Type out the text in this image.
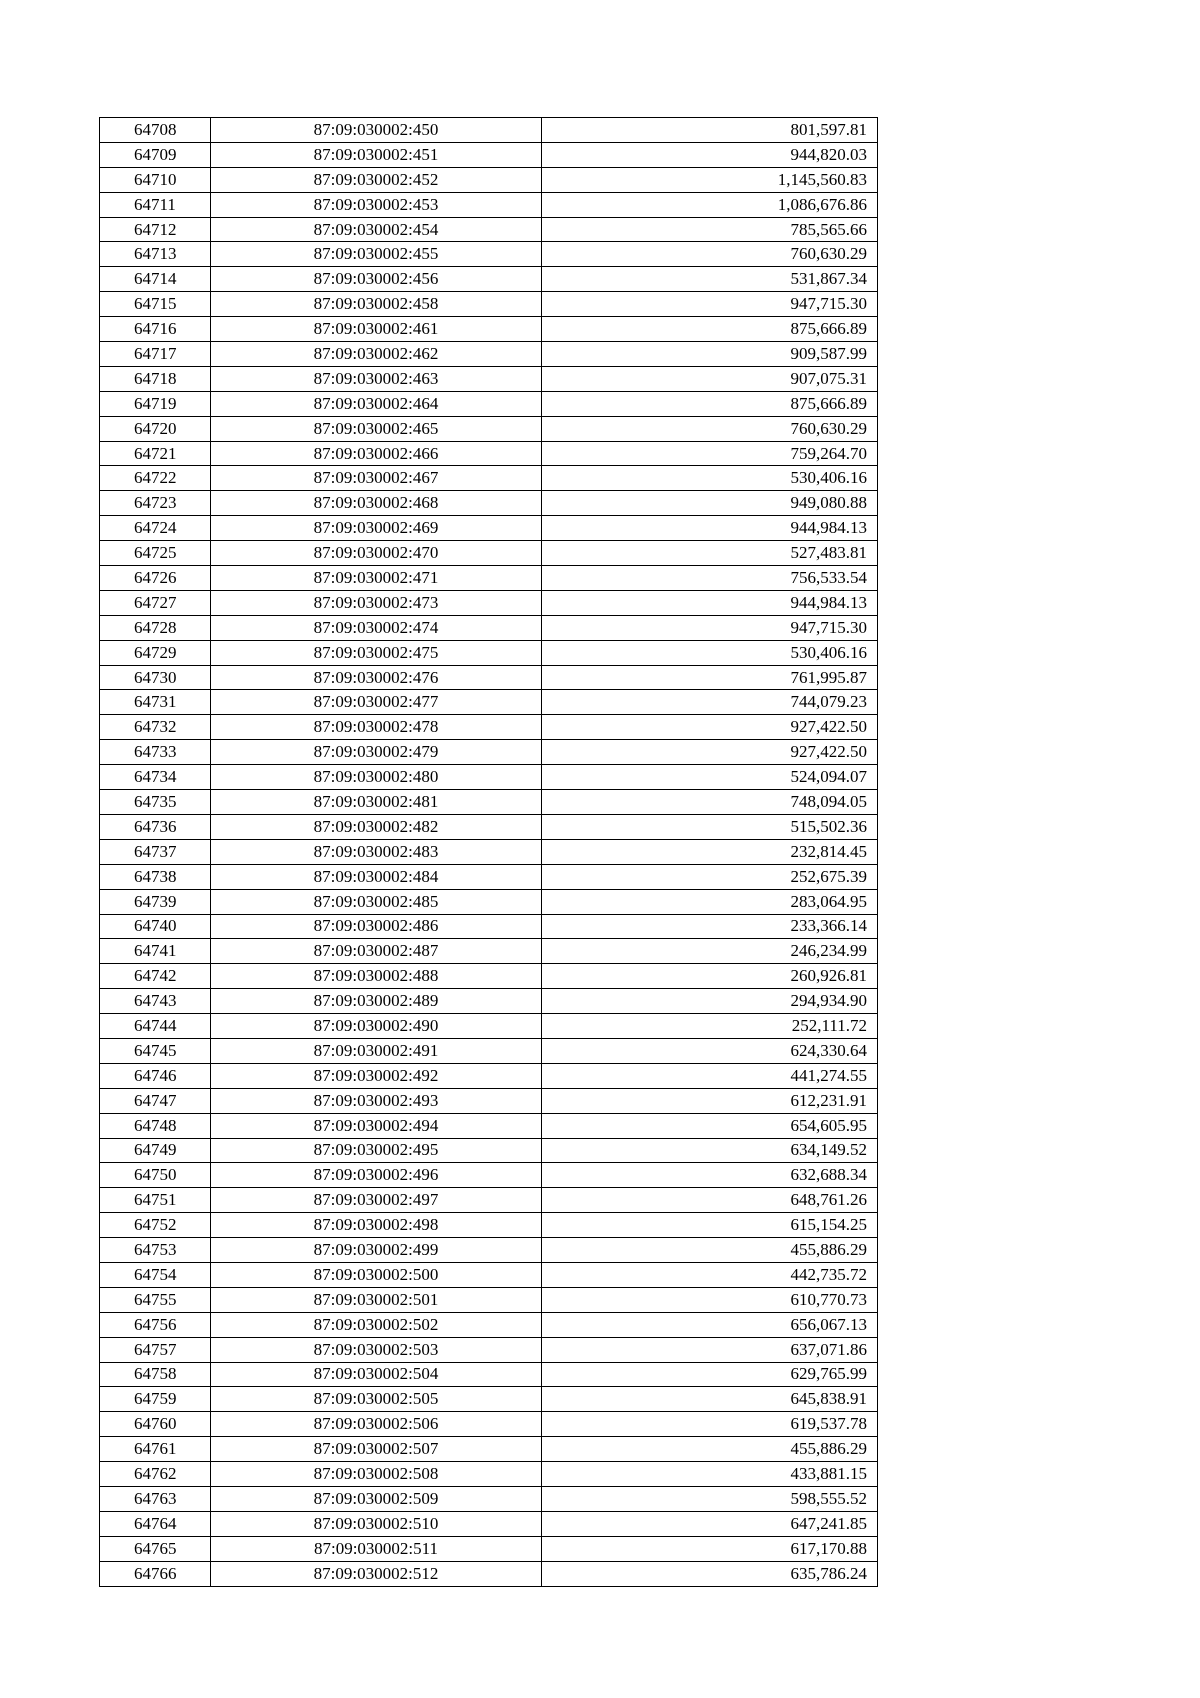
64708	87:09:030002:450	801,597.81
64709	87:09:030002:451	944,820.03
64710	87:09:030002:452	1,145,560.83
64711	87:09:030002:453	1,086,676.86
64712	87:09:030002:454	785,565.66
64713	87:09:030002:455	760,630.29
64714	87:09:030002:456	531,867.34
64715	87:09:030002:458	947,715.30
64716	87:09:030002:461	875,666.89
64717	87:09:030002:462	909,587.99
64718	87:09:030002:463	907,075.31
64719	87:09:030002:464	875,666.89
64720	87:09:030002:465	760,630.29
64721	87:09:030002:466	759,264.70
64722	87:09:030002:467	530,406.16
64723	87:09:030002:468	949,080.88
64724	87:09:030002:469	944,984.13
64725	87:09:030002:470	527,483.81
64726	87:09:030002:471	756,533.54
64727	87:09:030002:473	944,984.13
64728	87:09:030002:474	947,715.30
64729	87:09:030002:475	530,406.16
64730	87:09:030002:476	761,995.87
64731	87:09:030002:477	744,079.23
64732	87:09:030002:478	927,422.50
64733	87:09:030002:479	927,422.50
64734	87:09:030002:480	524,094.07
64735	87:09:030002:481	748,094.05
64736	87:09:030002:482	515,502.36
64737	87:09:030002:483	232,814.45
64738	87:09:030002:484	252,675.39
64739	87:09:030002:485	283,064.95
64740	87:09:030002:486	233,366.14
64741	87:09:030002:487	246,234.99
64742	87:09:030002:488	260,926.81
64743	87:09:030002:489	294,934.90
64744	87:09:030002:490	252,111.72
64745	87:09:030002:491	624,330.64
64746	87:09:030002:492	441,274.55
64747	87:09:030002:493	612,231.91
64748	87:09:030002:494	654,605.95
64749	87:09:030002:495	634,149.52
64750	87:09:030002:496	632,688.34
64751	87:09:030002:497	648,761.26
64752	87:09:030002:498	615,154.25
64753	87:09:030002:499	455,886.29
64754	87:09:030002:500	442,735.72
64755	87:09:030002:501	610,770.73
64756	87:09:030002:502	656,067.13
64757	87:09:030002:503	637,071.86
64758	87:09:030002:504	629,765.99
64759	87:09:030002:505	645,838.91
64760	87:09:030002:506	619,537.78
64761	87:09:030002:507	455,886.29
64762	87:09:030002:508	433,881.15
64763	87:09:030002:509	598,555.52
64764	87:09:030002:510	647,241.85
64765	87:09:030002:511	617,170.88
64766	87:09:030002:512	635,786.24
